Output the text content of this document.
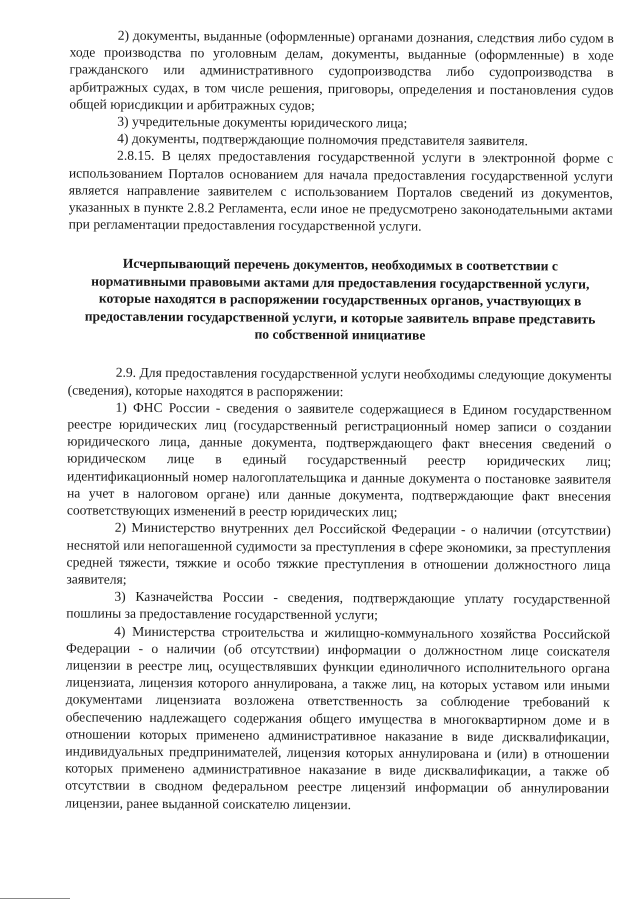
2) документы, выданные (оформленные) органами дознания, следствия либо судом в ходе производства по уголовным делам, документы, выданные (оформленные) в ходе гражданского или административного судопроизводства либо судопроизводства в арбитражных судах, в том числе решения, приговоры, определения и постановления судов общей юрисдикции и арбитражных судов;

3) учредительные документы юридического лица;

4) документы, подтверждающие полномочия представителя заявителя.

2.8.15. В целях предоставления государственной услуги в электронной форме с использованием Порталов основанием для начала предоставления государственной услуги является направление заявителем с использованием Порталов сведений из документов, указанных в пункте 2.8.2 Регламента, если иное не предусмотрено законодательными актами при регламентации предоставления государственной услуги.

Исчерпывающий перечень документов, необходимых в соответствии с нормативными правовыми актами для предоставления государственной услуги, которые находятся в распоряжении государственных органов, участвующих в предоставлении государственной услуги, и которые заявитель вправе представить по собственной инициативе

2.9. Для предоставления государственной услуги необходимы следующие документы (сведения), которые находятся в распоряжении:

1) ФНС России - сведения о заявителе содержащиеся в Едином государственном реестре юридических лиц (государственный регистрационный номер записи о создании юридического лица, данные документа, подтверждающего факт внесения сведений о юридическом лице в единый государственный реестр юридических лиц; идентификационный номер налогоплательщика и данные документа о постановке заявителя на учет в налоговом органе) или данные документа, подтверждающие факт внесения соответствующих изменений в реестр юридических лиц;

2) Министерство внутренних дел Российской Федерации - о наличии (отсутствии) неснятой или непогашенной судимости за преступления в сфере экономики, за преступления средней тяжести, тяжкие и особо тяжкие преступления в отношении должностного лица заявителя;

3) Казначейства России - сведения, подтверждающие уплату государственной пошлины за предоставление государственной услуги;

4) Министерства строительства и жилищно-коммунального хозяйства Российской Федерации - о наличии (об отсутствии) информации о должностном лице соискателя лицензии в реестре лиц, осуществлявших функции единоличного исполнительного органа лицензиата, лицензия которого аннулирована, а также лиц, на которых уставом или иными документами лицензиата возложена ответственность за соблюдение требований к обеспечению надлежащего содержания общего имущества в многоквартирном доме и в отношении которых применено административное наказание в виде дисквалификации, индивидуальных предпринимателей, лицензия которых аннулирована и (или) в отношении которых применено административное наказание в виде дисквалификации, а также об отсутствии в сводном федеральном реестре лицензий информации об аннулировании лицензии, ранее выданной соискателю лицензии.
